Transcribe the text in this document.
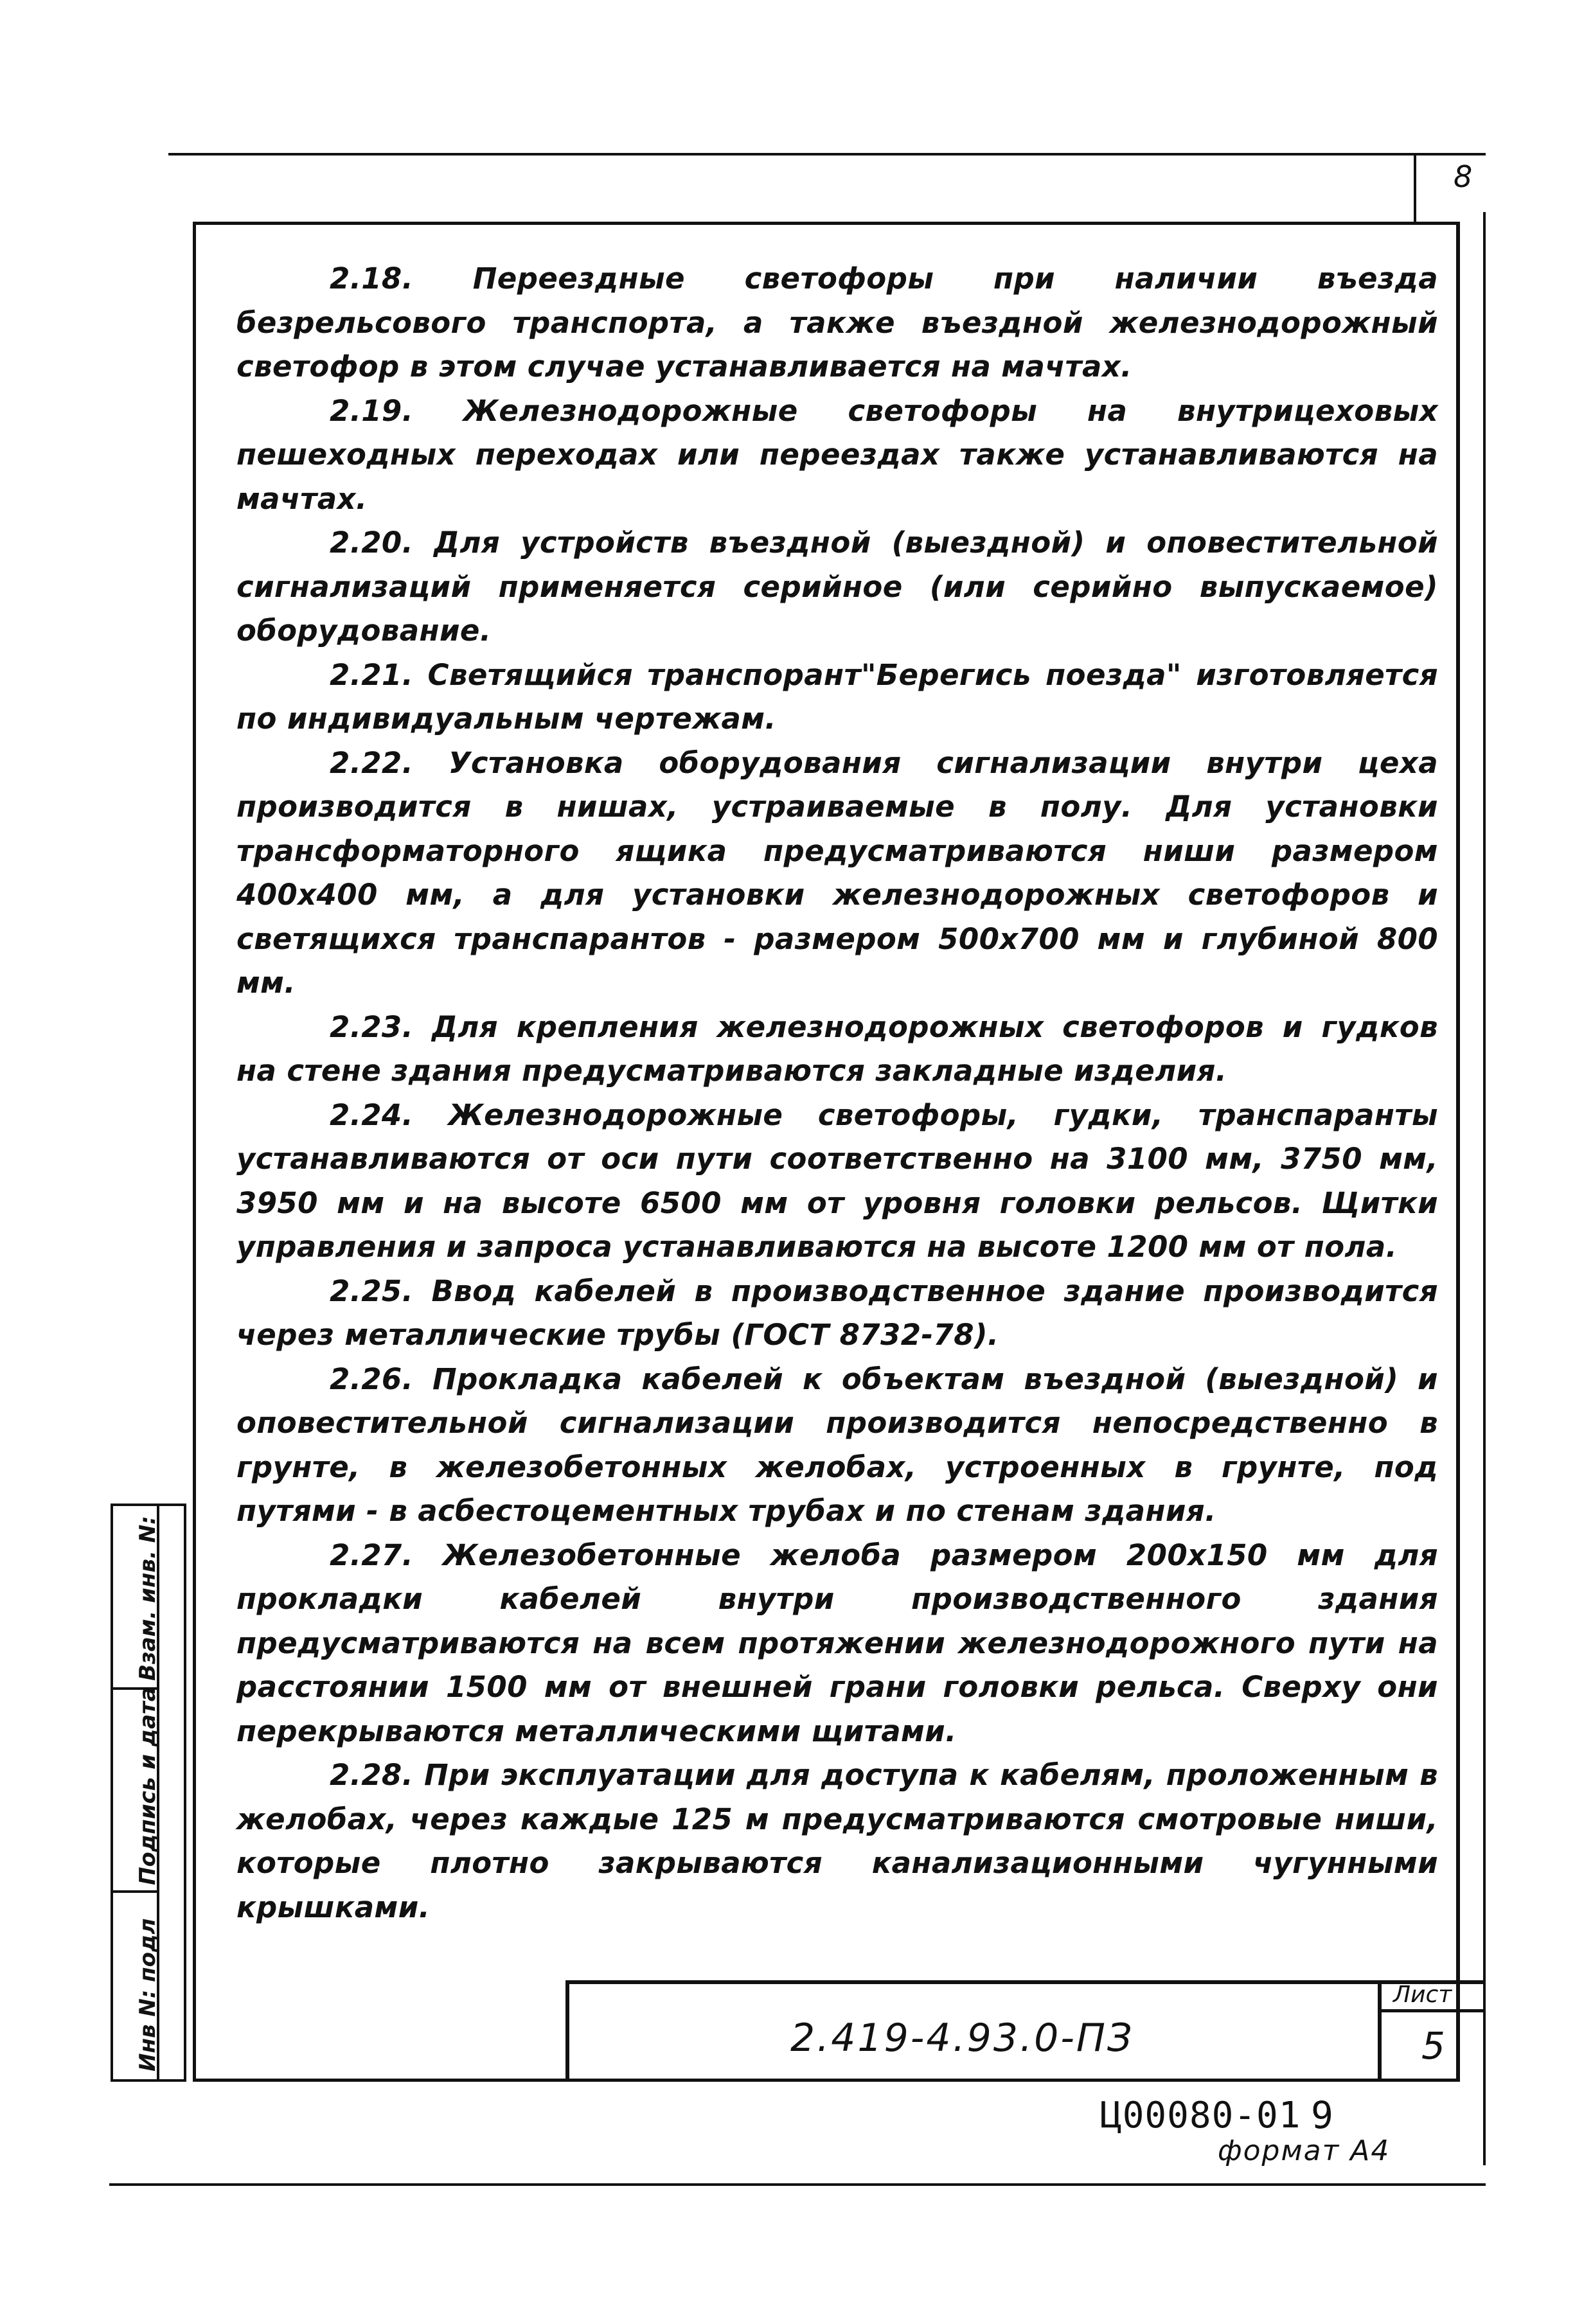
8

2.18. Переездные светофоры при наличии въезда безрельсового транспорта, а также въездной железнодорожный светофор в этом случае устанавливается на мачтах.

2.19. Железнодорожные светофоры на внутрицеховых пешеходных переходах или переездах также устанавливаются на мачтах.

2.20. Для устройств въездной (выездной) и оповестительной сигнализаций применяется серийное (или серийно выпускаемое) оборудование.

2.21. Светящийся транспорант"Берегись поезда" изготовляется по индивидуальным чертежам.

2.22. Установка оборудования сигнализации внутри цеха производится в нишах, устраиваемые в полу. Для установки трансформаторного ящика предусматриваются ниши размером 400х400 мм, а для установки железнодорожных светофоров и светящихся транспарантов - размером 500х700 мм и глубиной 800 мм.

2.23. Для крепления железнодорожных светофоров и гудков на стене здания предусматриваются закладные изделия.

2.24. Железнодорожные светофоры, гудки, транспаранты устанавливаются от оси пути соответственно на 3100 мм, 3750 мм, 3950 мм и на высоте 6500 мм от уровня головки рельсов. Щитки управления и запроса устанавливаются на высоте 1200 мм от пола.

2.25. Ввод кабелей в производственное здание производится через металлические трубы (ГОСТ 8732-78).

2.26. Прокладка кабелей к объектам въездной (выездной) и оповестительной сигнализации производится непосредственно в грунте, в железобетонных желобах, устроенных в грунте, под путями - в асбестоцементных трубах и по стенам здания.

2.27. Железобетонные желоба размером 200х150 мм для прокладки кабелей внутри производственного здания предусматриваются на всем протяжении железнодорожного пути на расстоянии 1500 мм от внешней грани головки рельса. Сверху они перекрываются металлическими щитами.

2.28. При эксплуатации для доступа к кабелям, проложенным в желобах, через каждые 125 м предусматриваются смотровые ниши, которые плотно закрываются канализационными чугунными крышками.

Инв N: подл
Подпись и дата
Взам. инв. N:
2.419-4.93.0-ПЗ
Лист
5
Ц00080-01 9
формат А4
